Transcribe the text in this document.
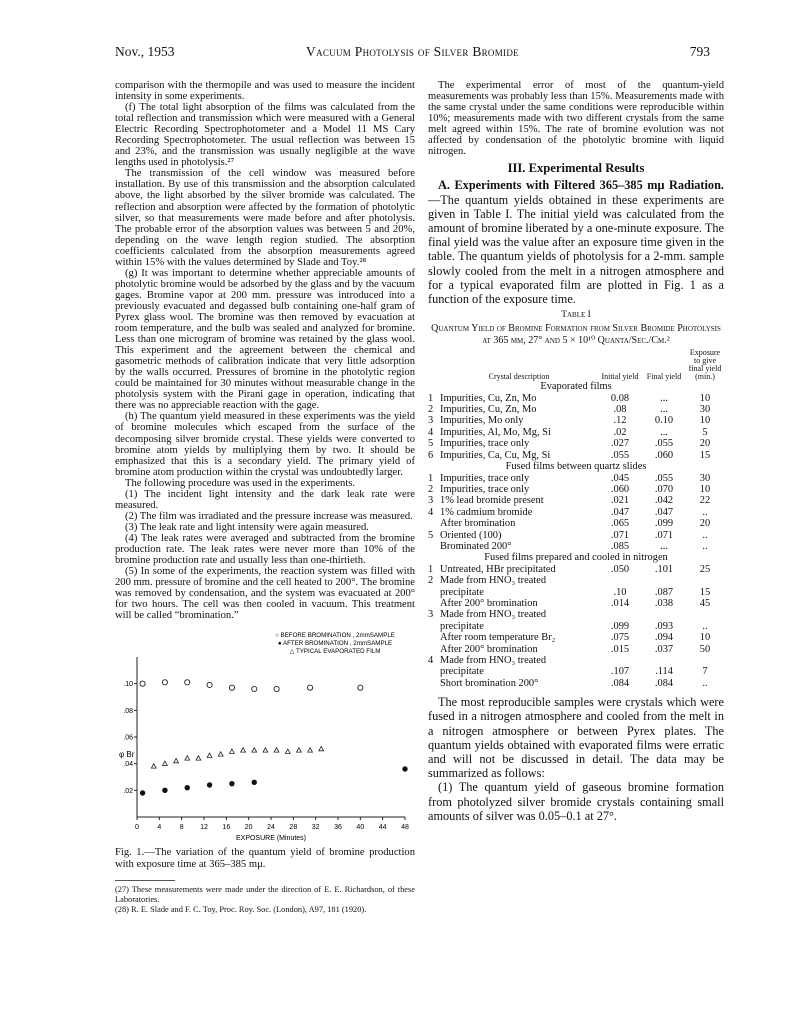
Nov., 1953	Vacuum Photolysis of Silver Bromide	793

comparison with the thermopile and was used to measure the incident intensity in some experiments.

(f) The total light absorption of the films was calculated from the total reflection and transmission which were measured with a General Electric Recording Spectrophotometer and a Model 11 MS Cary Recording Spectrophotometer. The usual reflection was between 15 and 23%, and the transmission was usually negligible at the wave lengths used in photolysis.²⁷

The transmission of the cell window was measured before installation. By use of this transmission and the absorption calculated above, the light absorbed by the silver bromide was calculated. The reflection and absorption were affected by the formation of photolytic silver, so that measurements were made before and after photolysis. The probable error of the absorption values was between 5 and 20%, depending on the wave length region studied. The absorption coefficients calculated from the absorption measurements agreed within 15% with the values determined by Slade and Toy.²⁸

(g) It was important to determine whether appreciable amounts of photolytic bromine would be adsorbed by the glass and by the vacuum gages. Bromine vapor at 200 mm. pressure was introduced into a previously evacuated and degassed bulb containing one-half gram of Pyrex glass wool. The bromine was then removed by evacuation at room temperature, and the bulb was sealed and analyzed for bromine. Less than one microgram of bromine was retained by the glass wool. This experiment and the agreement between the chemical and gasometric methods of calibration indicate that very little adsorption by the walls occurred. Pressures of bromine in the photolytic region could be maintained for 30 minutes without measurable change in the photolysis system with the Pirani gage in operation, indicating that there was no appreciable reaction with the gage.

(h) The quantum yield measured in these experiments was the yield of bromine molecules which escaped from the surface of the decomposing silver bromide crystal. These yields were converted to bromine atom yields by multiplying them by two. It should be emphasized that this is a secondary yield. The primary yield of bromine atom production within the crystal was undoubtedly larger.

The following procedure was used in the experiments.

(1) The incident light intensity and the dark leak rate were measured.

(2) The film was irradiated and the pressure increase was measured.

(3) The leak rate and light intensity were again measured.

(4) The leak rates were averaged and subtracted from the bromine production rate. The leak rates were never more than 10% of the bromine production rate and usually less than one-thirtieth.

(5) In some of the experiments, the reaction system was filled with 200 mm. pressure of bromine and the cell heated to 200°. The bromine was removed by condensation, and the system was evacuated at 200° for two hours. The cell was then cooled in vacuum. This treatment will be called “bromination.”

○ BEFORE BROMINATION , 2mmSAMPLE
● AFTER BROMINATION , 2mmSAMPLE
△ TYPICAL EVAPORATED FILM
0	4	8 12 16 20 24 28 32 36 40 44 48
.02
.04
.06
.08
.10
EXPOSURE (Minutes)
φ Br

Fig. 1.—The variation of the quantum yield of bromine production with exposure time at 365–385 mμ.

(27) These measurements were made under the direction of E. E. Richardson, of these Laboratories.

(28) R. E. Slade and F. C. Toy, Proc. Roy. Soc. (London), A97, 181 (1920).

The experimental error of most of the quantum-yield measurements was probably less than 15%. Measurements made with the same crystal under the same conditions were reproducible within 10%; measurements made with two different crystals from the same melt agreed within 15%. The rate of bromine evolution was not affected by condensation of the photolytic bromine with liquid nitrogen.

III. Experimental Results

A. Experiments with Filtered 365–385 mμ Radiation.—The quantum yields obtained in these experiments are given in Table I. The initial yield was calculated from the amount of bromine liberated by a one-minute exposure. The final yield was the value after an exposure time given in the table. The quantum yields of photolysis for a 2-mm. sample slowly cooled from the melt in a nitrogen atmosphere and for a typical evaporated film are plotted in Fig. 1 as a function of the exposure time.

Table I
Quantum Yield of Bromine Formation from Silver Bromide Photolysis at 365 mμ, 27° and 5 × 10¹⁰ Quanta/Sec./Cm.²
	Crystal description	Initial yield	Final yield	Exposure to give final yield (min.)
Evaporated films				
1	Impurities, Cu, Zn, Mo	0.08	...	10
2	Impurities, Cu, Zn, Mo	.08	...	30
3	Impurities, Mo only	.12	0.10	10
4	Impurities, Al, Mo, Mg, Si	.02	...	5
5	Impurities, trace only	.027	.055	20
6	Impurities, Ca, Cu, Mg, Si	.055	.060	15
Fused films between quartz slides				
1	Impurities, trace only	.045	.055	30
2	Impurities, trace only	.060	.070	10
3	1% lead bromide present	.021	.042	22
4	1% cadmium bromide	.047	.047	..
	After bromination	.065	.099	20
5	Oriented (100)	.071	.071	..
	Brominated 200°	.085	...	..
Fused films prepared and cooled in nitrogen				
1	Untreated, HBr precipitated	.050	.101	25
2	Made from HNO₃ treated			
	precipitate	.10	.087	15
	After 200° bromination	.014	.038	45
3	Made from HNO₃ treated			
	precipitate	.099	.093	..
	After room temperature Br₂	.075	.094	10
	After 200° bromination	.015	.037	50
4	Made from HNO₃ treated			
	precipitate	.107	.114	7
	Short bromination 200°	.084	.084	..

The most reproducible samples were crystals which were fused in a nitrogen atmosphere and cooled from the melt in a nitrogen atmosphere or between Pyrex plates. The quantum yields obtained with evaporated films were erratic and will not be discussed in detail. The data may be summarized as follows:

(1) The quantum yield of gaseous bromine formation from photolyzed silver bromide crystals containing small amounts of silver was 0.05–0.1 at 27°.
